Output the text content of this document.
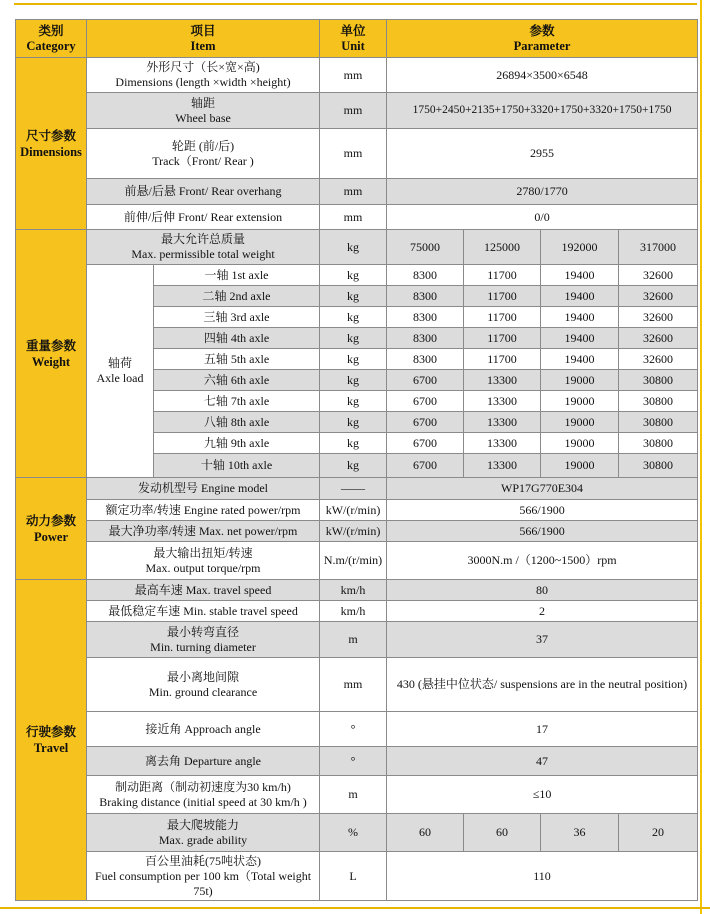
类别
Category	项目
Item		单位
Unit	参数
Parameter			
尺寸参数
Dimensions	外形尺寸（长×宽×高)
Dimensions (length ×width ×height)		mm	26894×3500×6548			
	轴距
Wheel base		mm	1750+2450+2135+1750+3320+1750+3320+1750+1750			
	轮距 (前/后)
Track（Front/ Rear )		mm	2955			
	前悬/后悬 Front/ Rear overhang		mm	2780/1770			
	前伸/后伸 Front/ Rear extension		mm	0/0			
重量参数
Weight	最大允许总质量
Max. permissible total weight		kg	75000	125000	192000	317000
	轴荷
Axle load	一轴 1st axle	kg	8300	11700	19400	32600
		二轴 2nd axle	kg	8300	11700	19400	32600
		三轴 3rd axle	kg	8300	11700	19400	32600
		四轴 4th axle	kg	8300	11700	19400	32600
		五轴 5th axle	kg	8300	11700	19400	32600
		六轴 6th axle	kg	6700	13300	19000	30800
		七轴 7th axle	kg	6700	13300	19000	30800
		八轴 8th axle	kg	6700	13300	19000	30800
		九轴 9th axle	kg	6700	13300	19000	30800
		十轴 10th axle	kg	6700	13300	19000	30800
动力参数
Power	发动机型号 Engine model		——	WP17G770E304			
	额定功率/转速 Engine rated power/rpm		kW/(r/min)	566/1900			
	最大净功率/转速 Max. net power/rpm		kW/(r/min)	566/1900			
	最大输出扭矩/转速
Max. output torque/rpm		N.m/(r/min)	3000N.m /（1200~1500）rpm			
行驶参数
Travel	最高车速 Max. travel speed		km/h	80			
	最低稳定车速 Min. stable travel speed		km/h	2			
	最小转弯直径
Min. turning diameter		m	37			
	最小离地间隙
Min. ground clearance		mm	430 (悬挂中位状态/ suspensions are in the neutral position)			
	接近角 Approach angle		°	17			
	离去角 Departure angle		°	47			
	制动距离（制动初速度为30 km/h)
Braking distance (initial speed at 30 km/h )		m	≤10			
	最大爬坡能力
Max. grade ability		%	60	60	36	20
	百公里油耗(75吨状态)
Fuel consumption per 100 km（Total weight 75t)		L	110			
